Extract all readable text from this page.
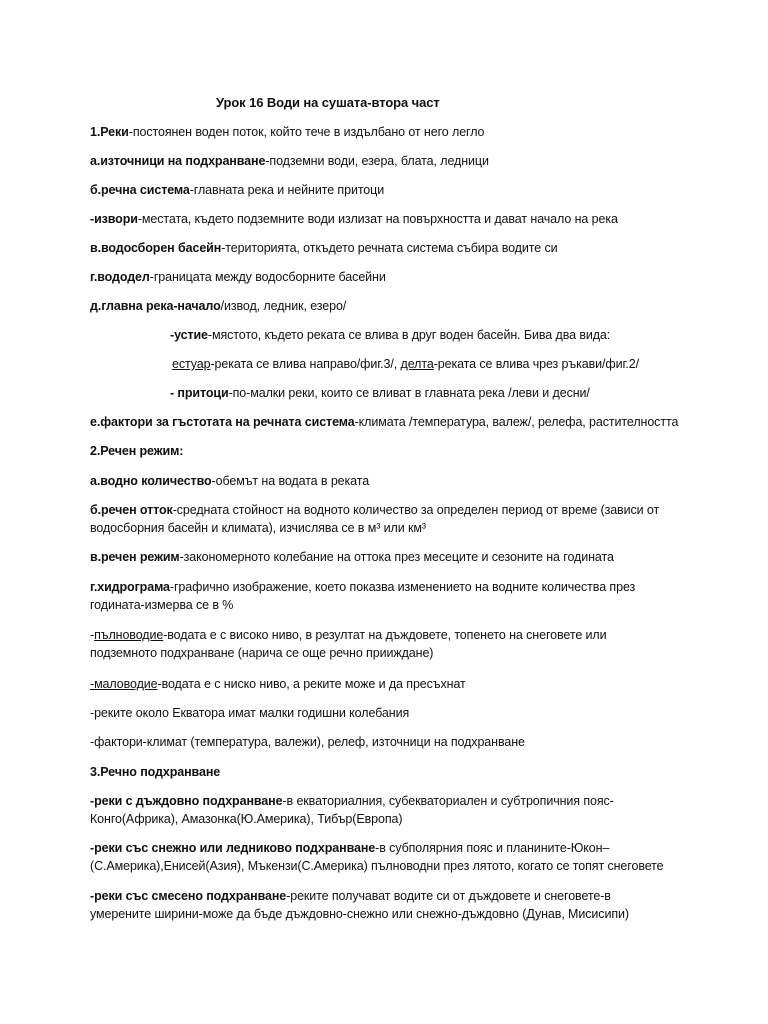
Урок 16 Води на сушата-втора част
1.Реки-постоянен воден поток, който тече в издълбано от него легло
а.източници на подхранване-подземни води, езера, блата, ледници
б.речна система-главната река и нейните притоци
-извори-местата, където подземните води излизат на повърхността и дават начало на река
в.водосборен басейн-територията, откъдето речната система събира водите си
г.вододел-границата между водосборните басейни
д.главна река-начало/извод, ледник, езеро/
-устие-мястото, където реката се влива в друг воден басейн. Бива два вида:
естуар-реката се влива направо/фиг.3/, делта-реката се влива чрез ръкави/фиг.2/
- притоци-по-малки реки, които се вливат в главната река /леви и десни/
е.фактори за гъстотата на речната система-климата /температура, валеж/, релефа, растителността
2.Речен режим:
а.водно количество-обемът на водата в реката
б.речен отток-средната стойност на водното количество за определен период от време (зависи от
водосборния басейн и климата), изчислява се в м³ или км³
в.речен режим-закономерното колебание на оттока през месеците и сезоните на годината
г.хидрограма-графично изображение, което показва изменението на водните количества през
годината-измерва се в %
-пълноводие-водата е с високо ниво, в резултат на дъждовете, топенето на снеговете или
подземното подхранване (нарича се още речно прииждане)
-маловодие-водата е с ниско ниво, а реките може и да пресъхнат
-реките около Екватора имат малки годишни колебания
-фактори-климат (температура, валежи), релеф, източници на подхранване
3.Речно подхранване
-реки с дъждовно подхранване-в екваториалния, субекваториален и субтропичния пояс-
Конго(Африка), Амазонка(Ю.Америка), Тибър(Европа)
-реки със снежно или ледниково подхранване-в субполярния пояс и планините-Юкон–
(С.Америка),Енисей(Азия), Мъкензи(С.Америка) пълноводни през лятото, когато се топят снеговете
-реки със смесено подхранване-реките получават водите си от дъждовете и снеговете-в
умерените ширини-може да бъде дъждовно-снежно или снежно-дъждовно (Дунав, Мисисипи)
